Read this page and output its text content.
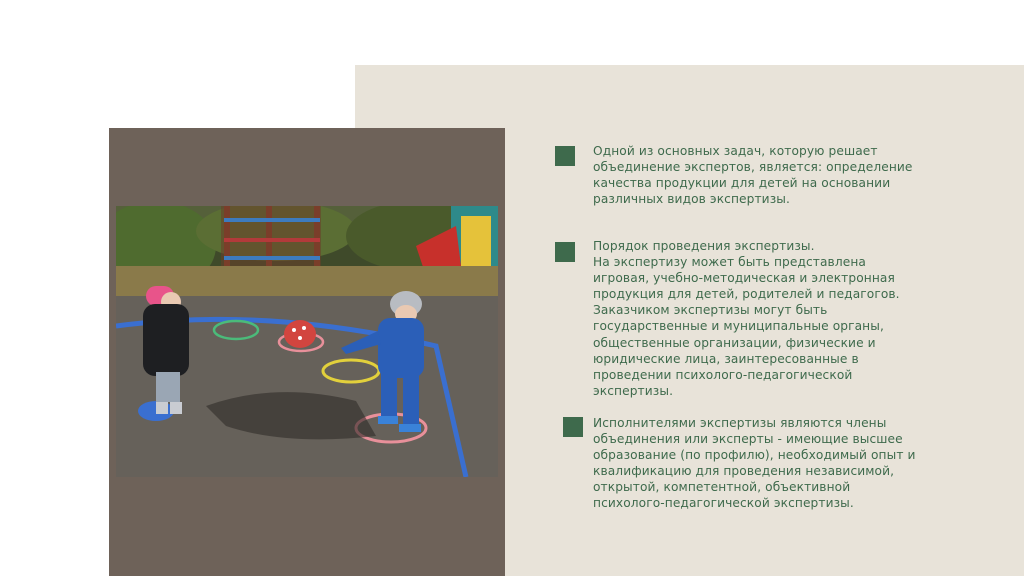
Одной из основных задач, которую решает
объединение экспертов, является: определение
качества продукции для детей на основании
различных видов экспертизы.
Порядок проведения экспертизы.
На экспертизу может быть представлена
игровая, учебно-методическая и электронная
продукция для детей, родителей и педагогов.
Заказчиком экспертизы могут быть
государственные и муниципальные органы,
общественные организации, физические и
юридические лица, заинтересованные в
проведении психолого-педагогической
экспертизы.
Исполнителями экспертизы являются члены
объединения или эксперты - имеющие высшее
образование (по профилю), необходимый опыт и
квалификацию для проведения независимой,
открытой, компетентной, объективной
психолого-педагогической экспертизы.
